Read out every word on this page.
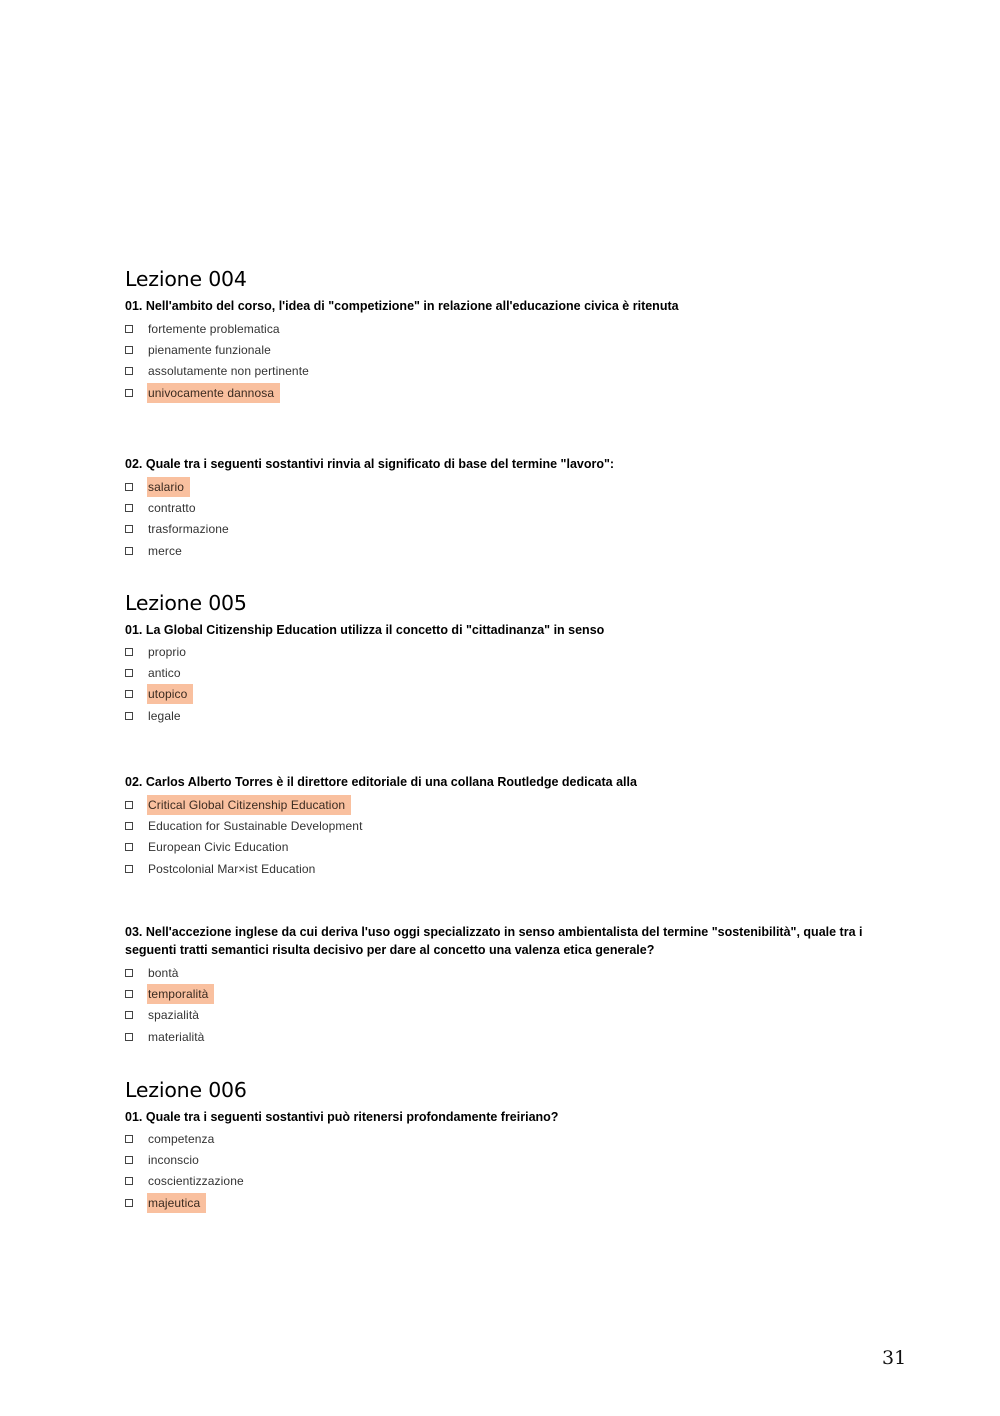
Lezione 004
01. Nell'ambito del corso, l'idea di "competizione" in relazione all'educazione civica è ritenuta
fortemente problematica
pienamente funzionale
assolutamente non pertinente
univocamente dannosa
02. Quale tra i seguenti sostantivi rinvia al significato di base del termine "lavoro":
salario
contratto
trasformazione
merce
Lezione 005
01. La Global Citizenship Education utilizza il concetto di "cittadinanza" in senso
proprio
antico
utopico
legale
02. Carlos Alberto Torres è il direttore editoriale di una collana Routledge dedicata alla
Critical Global Citizenship Education
Education for Sustainable Development
European Civic Education
Postcolonial Mar×ist Education
03. Nell'accezione inglese da cui deriva l'uso oggi specializzato in senso ambientalista del termine "sostenibilità", quale tra i seguenti tratti semantici risulta decisivo per dare al concetto una valenza etica generale?
bontà
temporalità
spazialità
materialità
Lezione 006
01. Quale tra i seguenti sostantivi può ritenersi profondamente freiriano?
competenza
inconscio
coscientizzazione
majeutica
31
